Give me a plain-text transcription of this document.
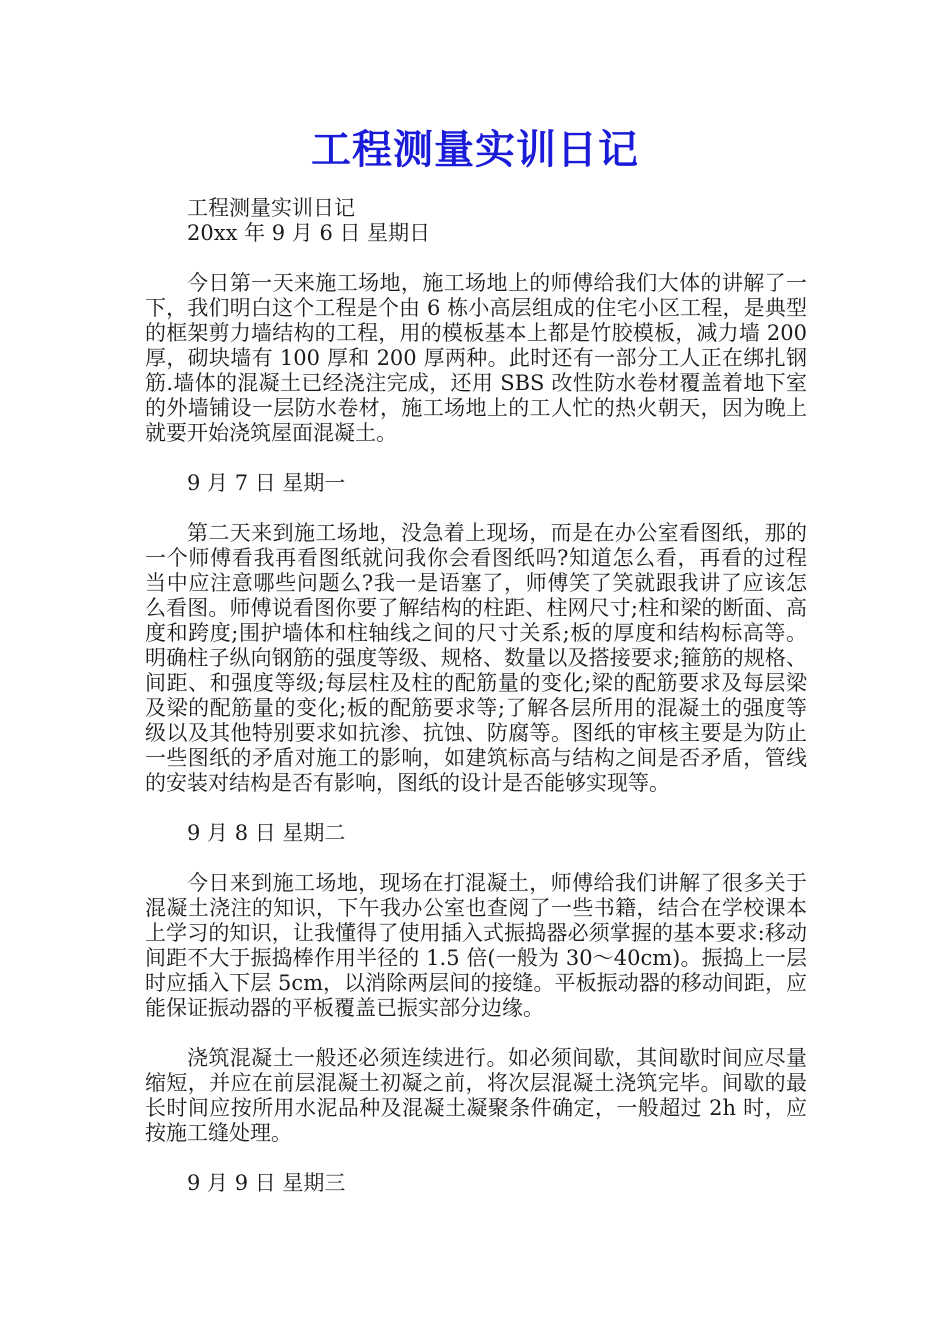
工程测量实训日记

工程测量实训日记

20xx 年 9 月 6 日 星期日

今日第一天来施工场地，施工场地上的师傅给我们大体的讲解了一下，我们明白这个工程是个由 6 栋小高层组成的住宅小区工程，是典型的框架剪力墙结构的工程，用的模板基本上都是竹胶模板，减力墙 200 厚，砌块墙有 100 厚和 200 厚两种。此时还有一部分工人正在绑扎钢筋.墙体的混凝土已经浇注完成，还用 SBS 改性防水卷材覆盖着地下室的外墙铺设一层防水卷材，施工场地上的工人忙的热火朝天，因为晚上就要开始浇筑屋面混凝土。

9 月 7 日 星期一

第二天来到施工场地，没急着上现场，而是在办公室看图纸，那的一个师傅看我再看图纸就问我你会看图纸吗?知道怎么看，再看的过程当中应注意哪些问题么?我一是语塞了，师傅笑了笑就跟我讲了应该怎么看图。师傅说看图你要了解结构的柱距、柱网尺寸;柱和梁的断面、高度和跨度;围护墙体和柱轴线之间的尺寸关系;板的厚度和结构标高等。明确柱子纵向钢筋的强度等级、规格、数量以及搭接要求;箍筋的规格、间距、和强度等级;每层柱及柱的配筋量的变化;梁的配筋要求及每层梁及梁的配筋量的变化;板的配筋要求等;了解各层所用的混凝土的强度等级以及其他特别要求如抗渗、抗蚀、防腐等。图纸的审核主要是为防止一些图纸的矛盾对施工的影响，如建筑标高与结构之间是否矛盾，管线的安装对结构是否有影响，图纸的设计是否能够实现等。

9 月 8 日 星期二

今日来到施工场地，现场在打混凝土，师傅给我们讲解了很多关于混凝土浇注的知识，下午我办公室也查阅了一些书籍，结合在学校课本上学习的知识，让我懂得了使用插入式振捣器必须掌握的基本要求:移动间距不大于振捣棒作用半径的 1.5 倍(一般为 30～40cm)。振捣上一层时应插入下层 5cm，以消除两层间的接缝。平板振动器的移动间距，应能保证振动器的平板覆盖已振实部分边缘。

浇筑混凝土一般还必须连续进行。如必须间歇，其间歇时间应尽量缩短，并应在前层混凝土初凝之前，将次层混凝土浇筑完毕。间歇的最长时间应按所用水泥品种及混凝土凝聚条件确定，一般超过 2h 时，应按施工缝处理。

9 月 9 日 星期三
